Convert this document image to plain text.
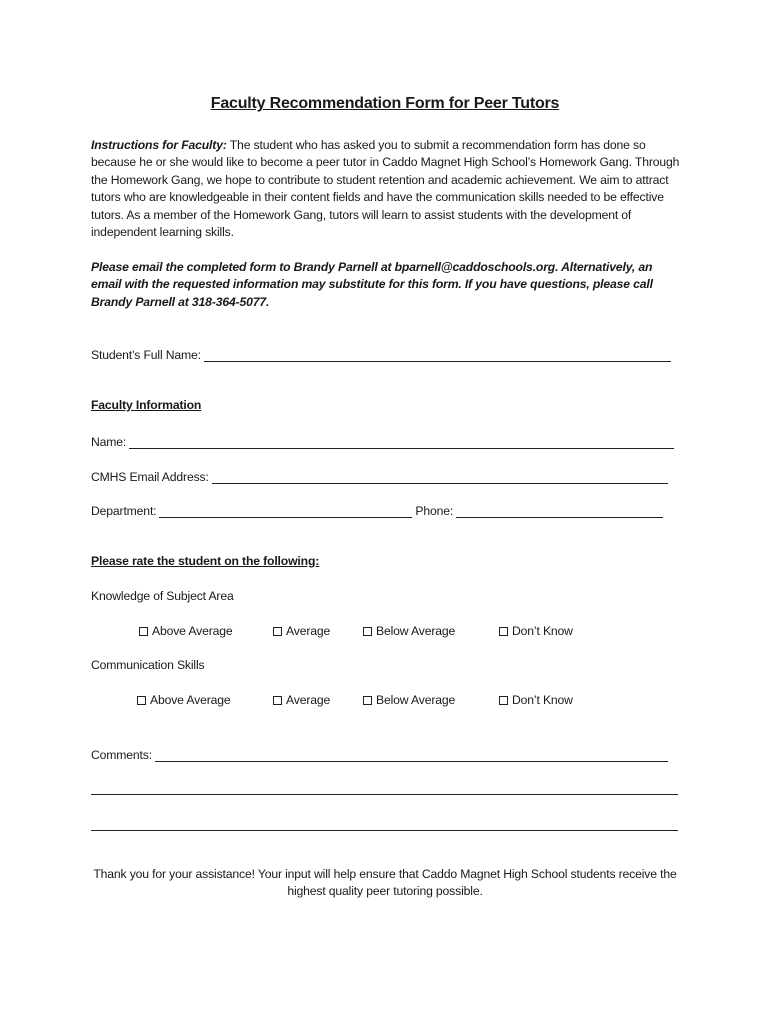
Faculty Recommendation Form for Peer Tutors
Instructions for Faculty: The student who has asked you to submit a recommendation form has done so because he or she would like to become a peer tutor in Caddo Magnet High School’s Homework Gang. Through the Homework Gang, we hope to contribute to student retention and academic achievement. We aim to attract tutors who are knowledgeable in their content fields and have the communication skills needed to be effective tutors. As a member of the Homework Gang, tutors will learn to assist students with the development of independent learning skills.
Please email the completed form to Brandy Parnell at bparnell@caddoschools.org. Alternatively, an email with the requested information may substitute for this form. If you have questions, please call Brandy Parnell at 318-364-5077.
Student’s Full Name:
Faculty Information
Name:
CMHS Email Address:
Department:	Phone:
Please rate the student on the following:
Knowledge of Subject Area
Above Average	Average	Below Average	Don’t Know
Communication Skills
Above Average	Average	Below Average	Don’t Know
Comments:
Thank you for your assistance! Your input will help ensure that Caddo Magnet High School students receive the highest quality peer tutoring possible.
